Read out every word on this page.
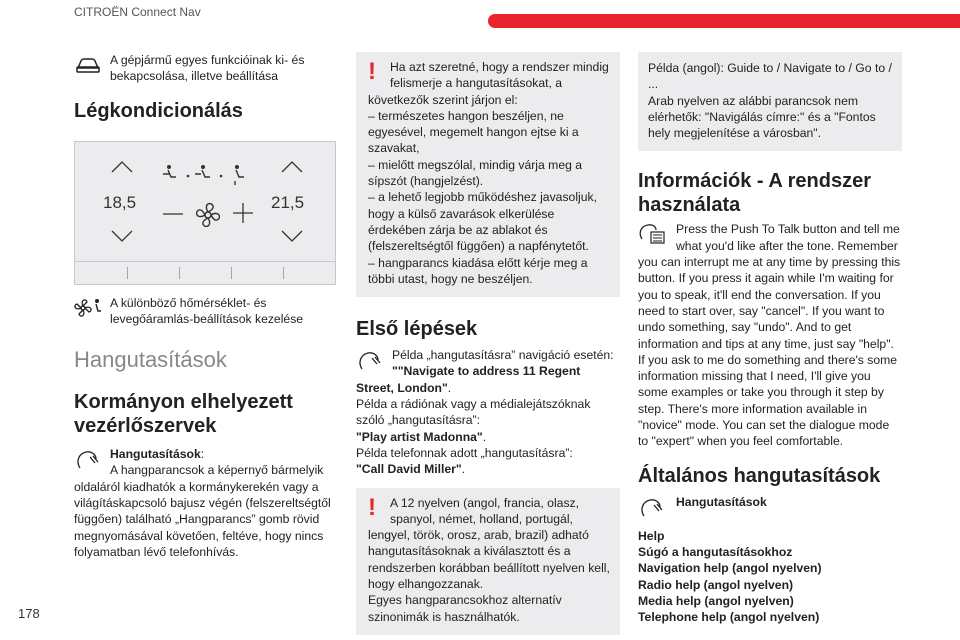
CITROËN Connect Nav
178

A gépjármű egyes funkcióinak ki- és bekapcsolása, illetve beállítása

Légkondicionálás
18,5	21,5

A különböző hőmérséklet- és levegőáramlás-beállítások kezelése

Hangutasítások
Kormányon elhelyezett vezérlőszervek

Hangutasítások:
A hangparancsok a képernyő bármelyik

oldaláról kiadhatók a kormánykerekén vagy a világításkapcsoló bajusz végén (felszereltségtől függően) található „Hangparancs” gomb rövid megnyomásával követően, feltéve, hogy nincs folyamatban lévő telefonhívás.

!	Ha azt szeretné, hogy a rendszer mindig felismerje a hangutasításokat, a

következők szerint járjon el:

– természetes hangon beszéljen, ne egyesével, megemelt hangon ejtse ki a szavakat,

– mielőtt megszólal, mindig várja meg a sípszót (hangjelzést).

– a lehető legjobb működéshez javasoljuk, hogy a külső zavarások elkerülése érdekében zárja be az ablakot és (felszereltségtől függően) a napfénytetőt.

– hangparancs kiadása előtt kérje meg a többi utast, hogy ne beszéljen.

Első lépések

Példa „hangutasításra” navigáció esetén:

""Navigate to address 11 Regent Street, London".

Példa a rádiónak vagy a médialejátszóknak szóló „hangutasításra”:

"Play artist Madonna".

Példa telefonnak adott „hangutasításra”:

"Call David Miller".

!	A 12 nyelven (angol, francia, olasz, spanyol, német, holland, portugál,

lengyel, török, orosz, arab, brazil) adható hangutasításoknak a kiválasztott és a rendszerben korábban beállított nyelven kell, hogy elhangozzanak.

Egyes hangparancsokhoz alternatív szinonimák is használhatók.

Példa (angol): Guide to / Navigate to / Go to / ...

Arab nyelven az alábbi parancsok nem elérhetők: "Navigálás címre:" és a "Fontos hely megjelenítése a városban".

Információk - A rendszer használata

Press the Push To Talk button and tell me what you'd like after the tone. Remember

you can interrupt me at any time by pressing this button. If you press it again while I'm waiting for you to speak, it'll end the conversation. If you need to start over, say "cancel". If you want to undo something, say "undo". And to get information and tips at any time, just say "help". If you ask to me do something and there's some information missing that I need, I'll give you some examples or take you through it step by step. There's more information available in "novice" mode. You can set the dialogue mode to "expert" when you feel comfortable.

Általános hangutasítások

Hangutasítások

Help

Súgó a hangutasításokhoz

Navigation help (angol nyelven)

Radio help (angol nyelven)

Media help (angol nyelven)

Telephone help (angol nyelven)
